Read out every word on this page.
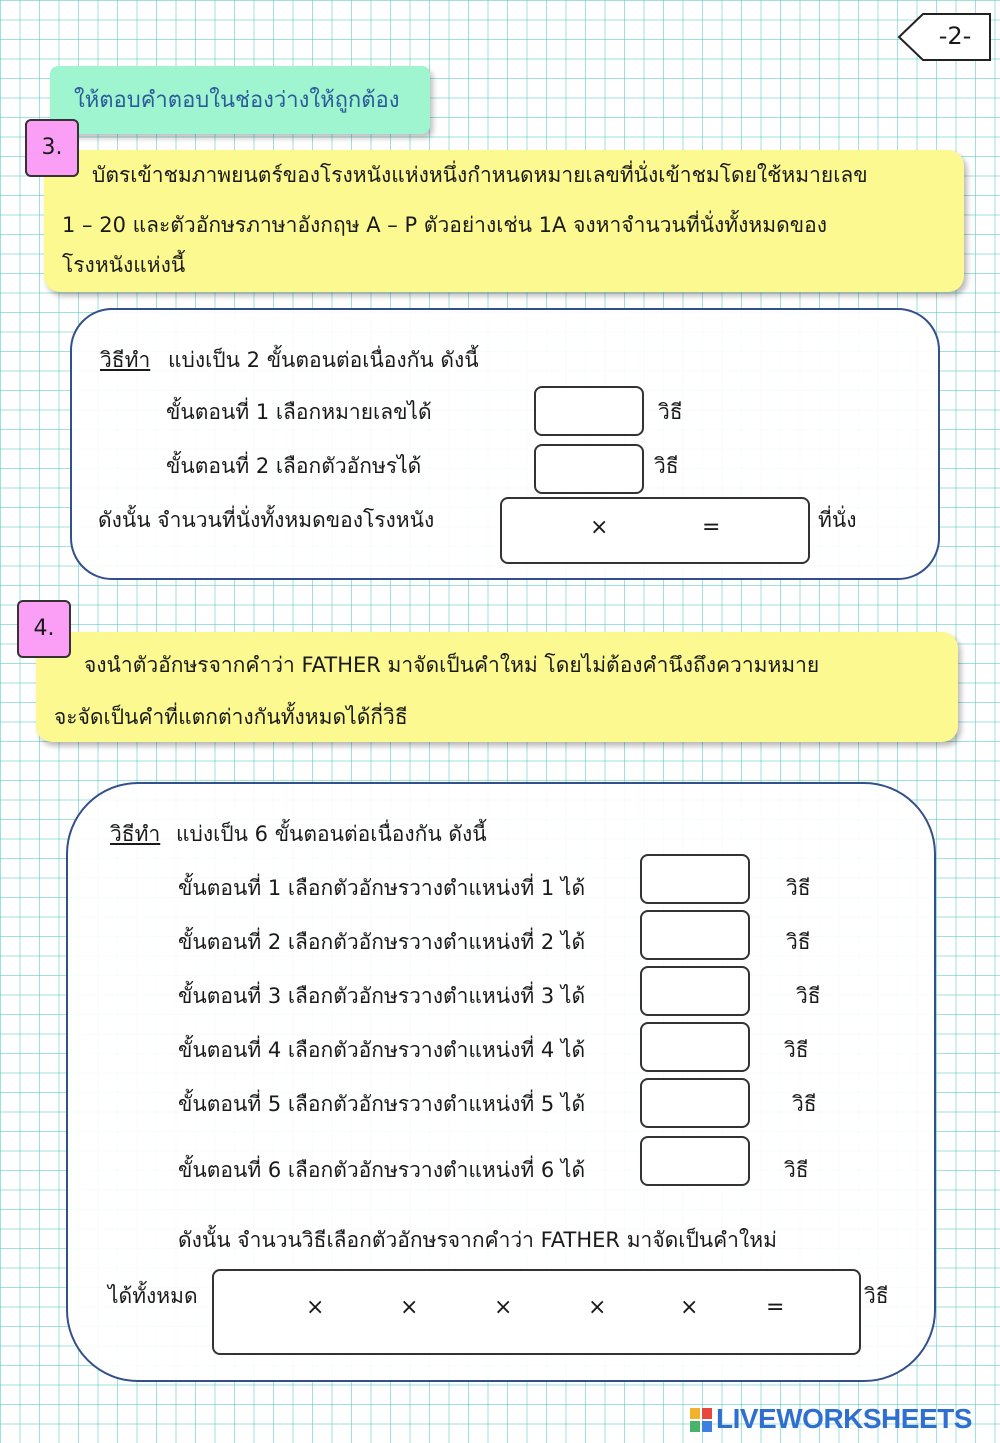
-2-
ให้ตอบคำตอบในช่องว่างให้ถูกต้อง
บัตรเข้าชมภาพยนตร์ของโรงหนังแห่งหนึ่งกำหนดหมายเลขที่นั่งเข้าชมโดยใช้หมายเลข
1 – 20 และตัวอักษรภาษาอังกฤษ A – P ตัวอย่างเช่น 1A จงหาจำนวนที่นั่งทั้งหมดของ
โรงหนังแห่งนี้
3.
วิธีทำ แบ่งเป็น 2 ขั้นตอนต่อเนื่องกัน ดังนี้
ขั้นตอนที่ 1 เลือกหมายเลขได้	วิธี
ขั้นตอนที่ 2 เลือกตัวอักษรได้	วิธี
ดังนั้น จำนวนที่นั่งทั้งหมดของโรงหนัง	×	=	ที่นั่ง
จงนำตัวอักษรจากคำว่า FATHER มาจัดเป็นคำใหม่ โดยไม่ต้องคำนึงถึงความหมาย
จะจัดเป็นคำที่แตกต่างกันทั้งหมดได้กี่วิธี
4.
วิธีทำ แบ่งเป็น 6 ขั้นตอนต่อเนื่องกัน ดังนี้
ขั้นตอนที่ 1 เลือกตัวอักษรวางตำแหน่งที่ 1 ได้	วิธี
ขั้นตอนที่ 2 เลือกตัวอักษรวางตำแหน่งที่ 2 ได้	วิธี
ขั้นตอนที่ 3 เลือกตัวอักษรวางตำแหน่งที่ 3 ได้	วิธี
ขั้นตอนที่ 4 เลือกตัวอักษรวางตำแหน่งที่ 4 ได้	วิธี
ขั้นตอนที่ 5 เลือกตัวอักษรวางตำแหน่งที่ 5 ได้	วิธี
ขั้นตอนที่ 6 เลือกตัวอักษรวางตำแหน่งที่ 6 ได้	วิธี
ดังนั้น จำนวนวิธีเลือกตัวอักษรจากคำว่า FATHER มาจัดเป็นคำใหม่
ได้ทั้งหมด	×	×	×	×	×	=	วิธี
LIVEWORKSHEETS
